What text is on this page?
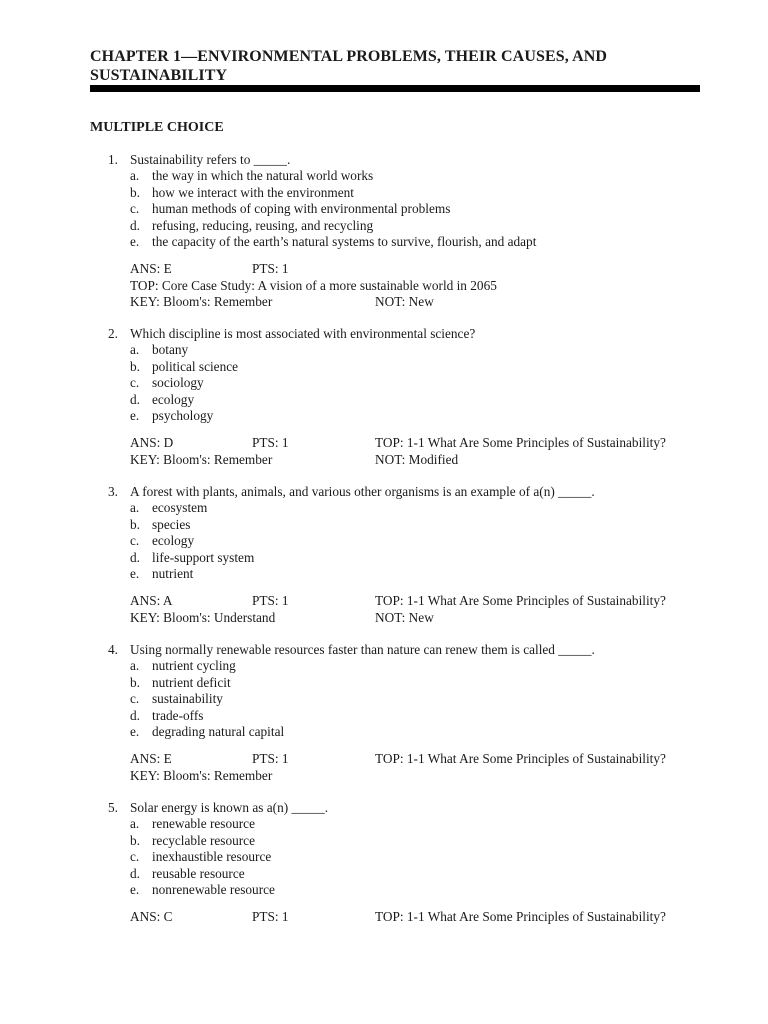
CHAPTER 1—ENVIRONMENTAL PROBLEMS, THEIR CAUSES, AND SUSTAINABILITY
MULTIPLE CHOICE
1. Sustainability refers to _____.
a. the way in which the natural world works
b. how we interact with the environment
c. human methods of coping with environmental problems
d. refusing, reducing, reusing, and recycling
e. the capacity of the earth’s natural systems to survive, flourish, and adapt
ANS: E	PTS: 1
TOP: Core Case Study: A vision of a more sustainable world in 2065
KEY: Bloom's: Remember	NOT: New
2. Which discipline is most associated with environmental science?
a. botany
b. political science
c. sociology
d. ecology
e. psychology
ANS: D	PTS: 1	TOP: 1-1 What Are Some Principles of Sustainability?
KEY: Bloom's: Remember	NOT: Modified
3. A forest with plants, animals, and various other organisms is an example of a(n) _____.
a. ecosystem
b. species
c. ecology
d. life-support system
e. nutrient
ANS: A	PTS: 1	TOP: 1-1 What Are Some Principles of Sustainability?
KEY: Bloom's: Understand	NOT: New
4. Using normally renewable resources faster than nature can renew them is called _____.
a. nutrient cycling
b. nutrient deficit
c. sustainability
d. trade-offs
e. degrading natural capital
ANS: E	PTS: 1	TOP: 1-1 What Are Some Principles of Sustainability?
KEY: Bloom's: Remember
5. Solar energy is known as a(n) _____.
a. renewable resource
b. recyclable resource
c. inexhaustible resource
d. reusable resource
e. nonrenewable resource
ANS: C	PTS: 1	TOP: 1-1 What Are Some Principles of Sustainability?
